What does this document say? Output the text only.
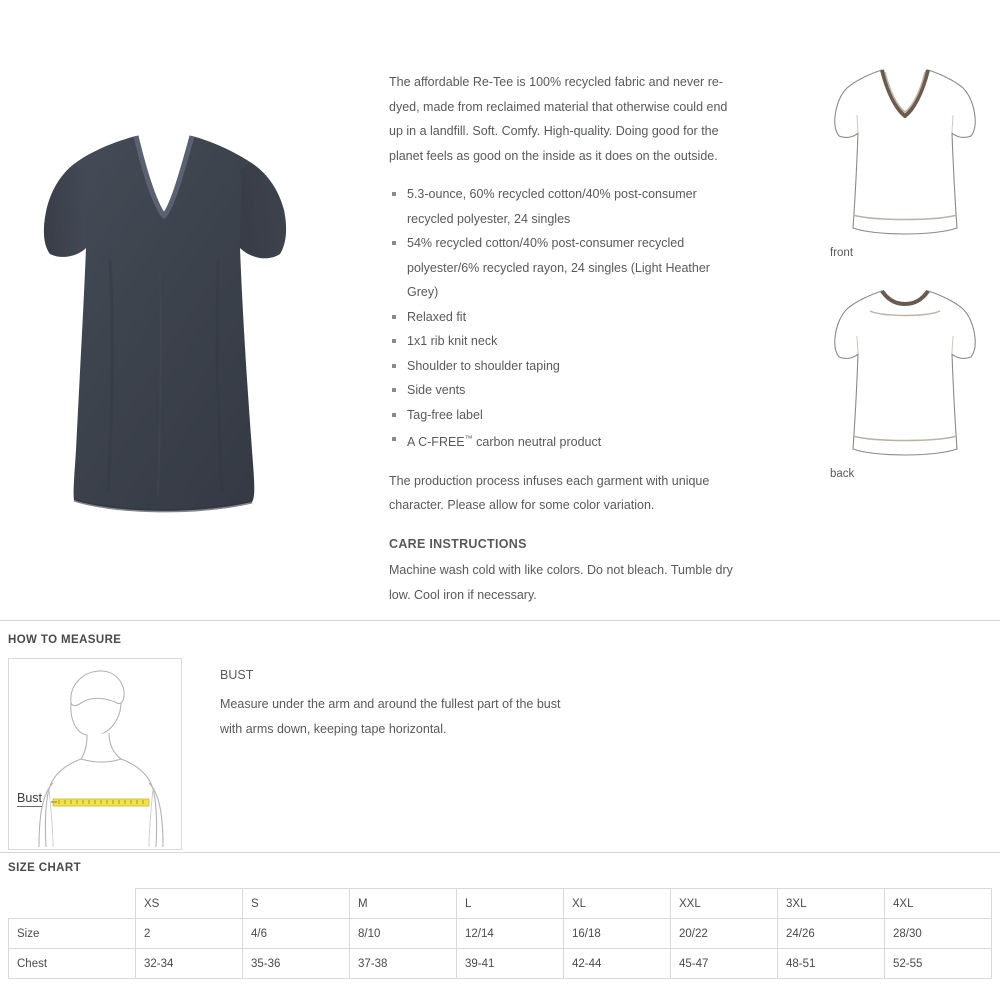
The affordable Re-Tee is 100% recycled fabric and never re-dyed, made from reclaimed material that otherwise could end up in a landfill. Soft. Comfy. High-quality. Doing good for the planet feels as good on the inside as it does on the outside.

5.3-ounce, 60% recycled cotton/40% post-consumer recycled polyester, 24 singles
54% recycled cotton/40% post-consumer recycled polyester/6% recycled rayon, 24 singles (Light Heather Grey)
Relaxed fit
1x1 rib knit neck
Shoulder to shoulder taping
Side vents
Tag-free label
A C-FREE™ carbon neutral product

The production process infuses each garment with unique character. Please allow for some color variation.

CARE INSTRUCTIONS

Machine wash cold with like colors. Do not bleach. Tumble dry low. Cool iron if necessary.

front
back
HOW TO MEASURE
Bust
BUST
Measure under the arm and around the fullest part of the bust
with arms down, keeping tape horizontal.
SIZE CHART
	XS	S	M	L	XL	XXL	3XL	4XL
Size	2	4/6	8/10	12/14	16/18	20/22	24/26	28/30
Chest	32-34	35-36	37-38	39-41	42-44	45-47	48-51	52-55
